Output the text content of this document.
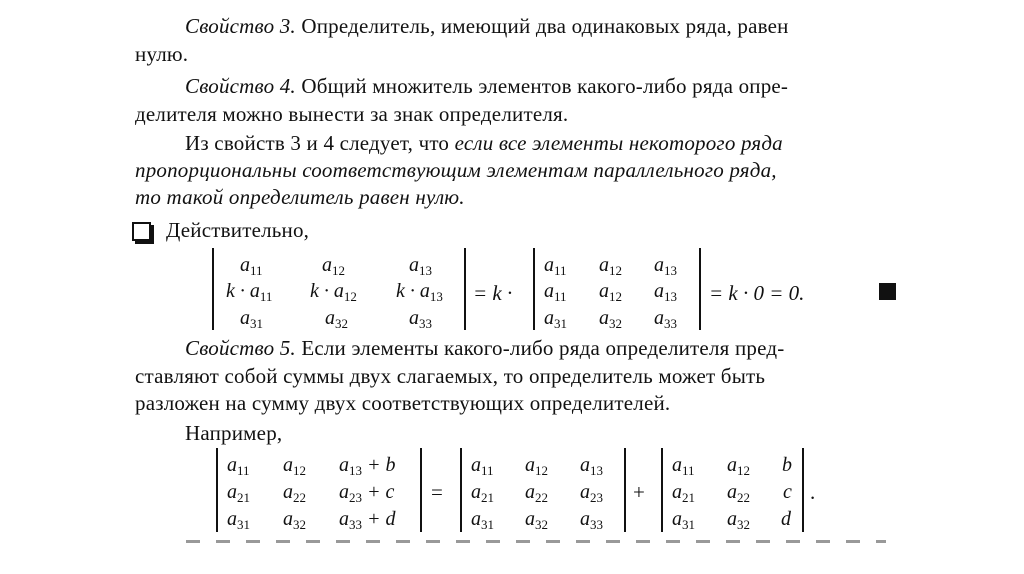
Свойство 3. Определитель, имеющий два одинаковых ряда, равен
нулю.
Свойство 4. Общий множитель элементов какого-либо ряда опре-
делителя можно вынести за знак определителя.
Из свойств 3 и 4 следует, что если все элементы некоторого ряда
пропорциональны соответствующим элементам параллельного ряда,
то такой определитель равен нулю.
Действительно,
$a_{11}$	$a_{12}$	$a_{13}$
$k \cdot a_{11}$ $k \cdot a_{12}$ $k \cdot a_{13}$
$a_{31}$	$a_{32}$	$a_{33}$
= k ·
$a_{11}$ $a_{12}$ $a_{13}$
$a_{11}$ $a_{12}$ $a_{13}$
$a_{31}$ $a_{32}$ $a_{33}$
= k · 0 = 0.
Свойство 5. Если элементы какого-либо ряда определителя пред-
ставляют собой суммы двух слагаемых, то определитель может быть
разложен на сумму двух соответствующих определителей.
Например,
$a_{11}$ $a_{12}$ $a_{13} + b$
$a_{21}$ $a_{22}$ $a_{23} + c$
$a_{31}$ $a_{32}$ $a_{33} + d$
=
$a_{11}$ $a_{12}$ $a_{13}$
$a_{21}$ $a_{22}$ $a_{23}$
$a_{31}$ $a_{32}$ $a_{33}$
+
$a_{11}$ $a_{12}$ b
$a_{21}$ $a_{22}$ c
$a_{31}$ $a_{32}$ d
.
